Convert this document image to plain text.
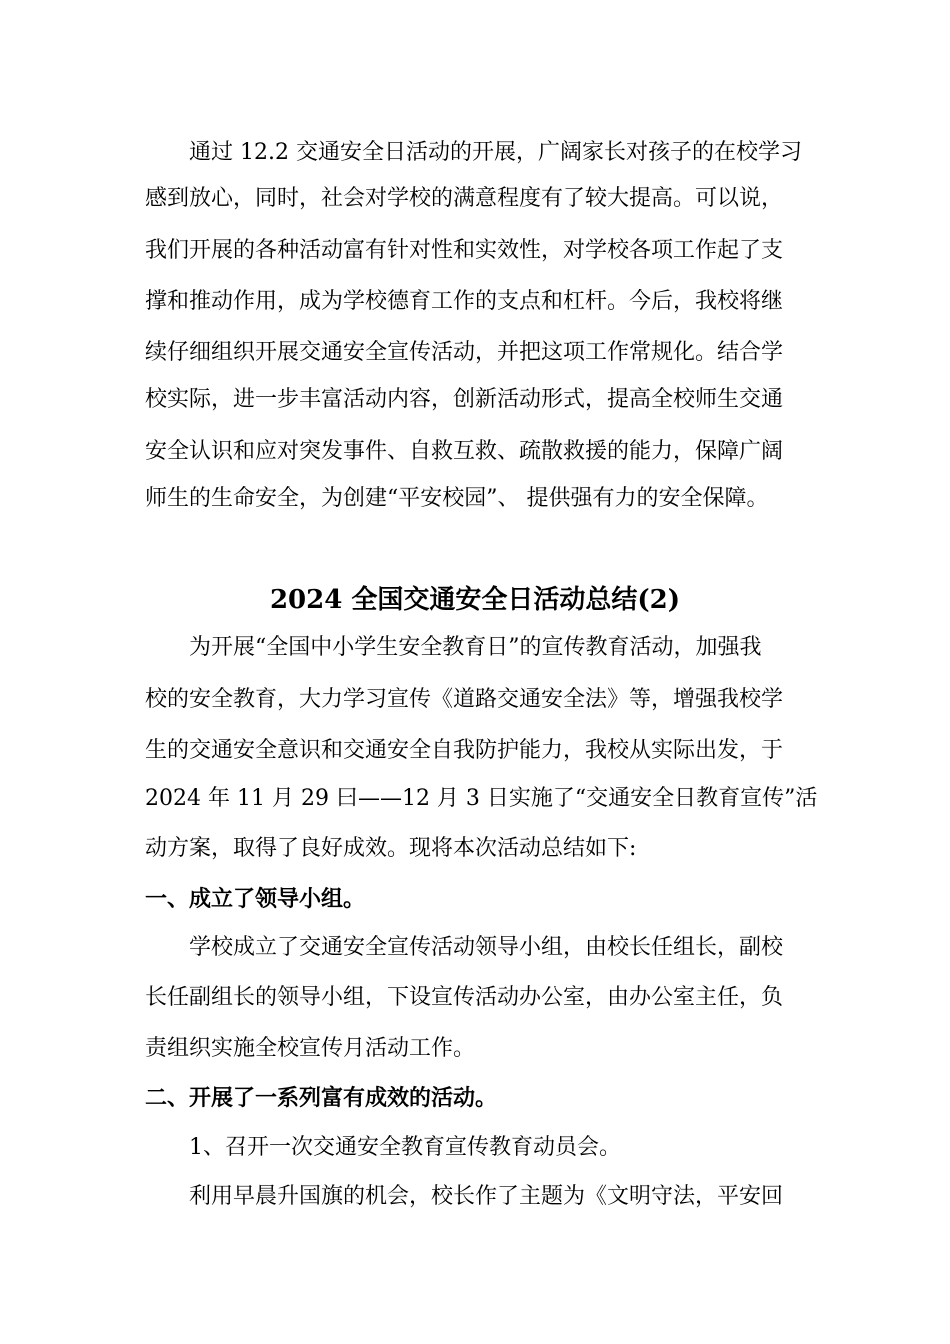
通过 12.2 交通安全日活动的开展，广阔家长对孩子的在校学习
感到放心，同时，社会对学校的满意程度有了较大提高。可以说，
我们开展的各种活动富有针对性和实效性，对学校各项工作起了支
撑和推动作用，成为学校德育工作的支点和杠杆。今后，我校将继
续仔细组织开展交通安全宣传活动，并把这项工作常规化。结合学
校实际，进一步丰富活动内容，创新活动形式，提高全校师生交通
安全认识和应对突发事件、自救互救、疏散救援的能力，保障广阔
师生的生命安全，为创建“平安校园”、 提供强有力的安全保障。
2024 全国交通安全日活动总结(2)
为开展“全国中小学生安全教育日”的宣传教育活动，加强我
校的安全教育，大力学习宣传《道路交通安全法》等，增强我校学
生的交通安全意识和交通安全自我防护能力，我校从实际出发，于
2024 年 11 月 29 曰——12 月 3 日实施了“交通安全日教育宣传”活
动方案，取得了良好成效。现将本次活动总结如下:
一、成立了领导小组。
学校成立了交通安全宣传活动领导小组，由校长任组长，副校
长任副组长的领导小组，下设宣传活动办公室，由办公室主任，负
责组织实施全校宣传月活动工作。
二、开展了一系列富有成效的活动。
1、召开一次交通安全教育宣传教育动员会。
利用早晨升国旗的机会，校长作了主题为《文明守法，平安回
